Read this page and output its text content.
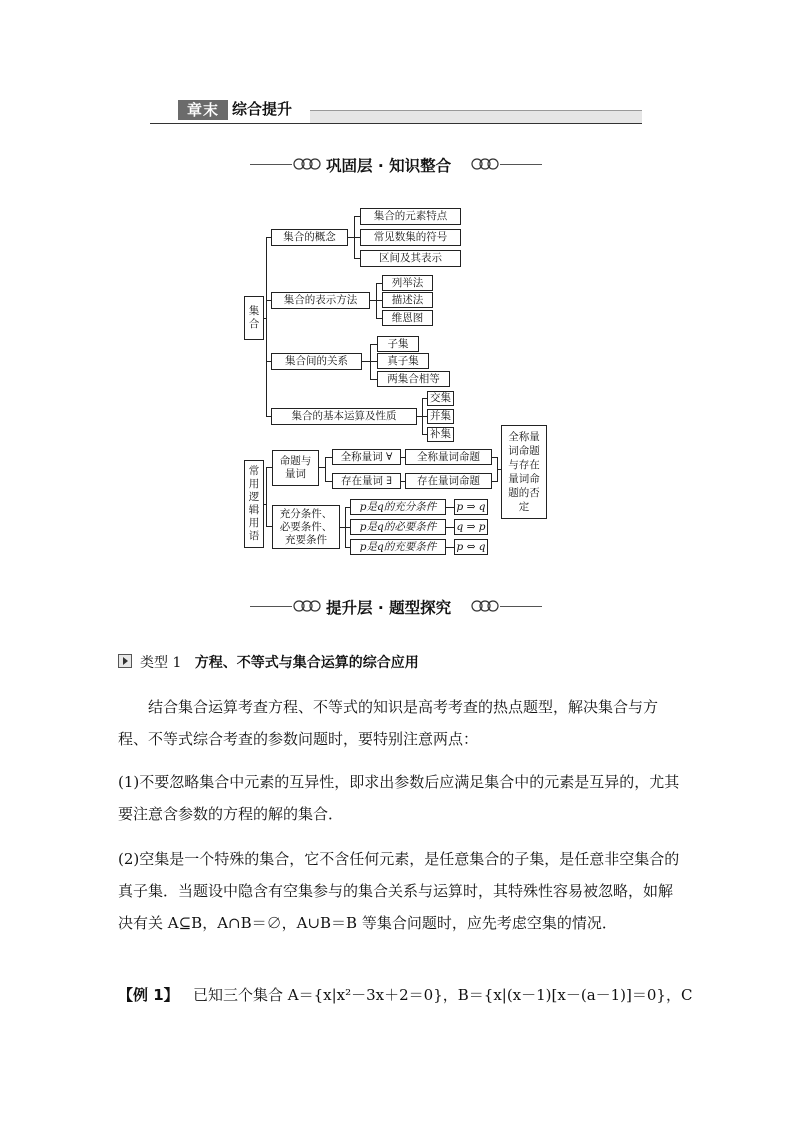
章末 综合提升
巩固层 · 知识整合
集合
常用逻辑用语
集合的概念
集合的表示方法
集合间的关系
集合的基本运算及性质
集合的元素特点
常见数集的符号
区间及其表示
列举法
描述法
维恩图
子集
真子集
两集合相等
交集
并集
补集
命题与量词
全称量词 ∀
存在量词 ∃
全称量词命题
存在量词命题
全称量词命题与存在量词命题的否定
充分条件、必要条件、充要条件
p是q的充分条件
p是q的必要条件
p是q的充要条件
p ⇒ q
q ⇒ p
p ⇔ q
提升层 · 题型探究
类型 1 方程、不等式与集合运算的综合应用

结合集合运算考查方程、不等式的知识是高考考查的热点题型，解决集合与方程、不等式综合考查的参数问题时，要特别注意两点：

(1)不要忽略集合中元素的互异性，即求出参数后应满足集合中的元素是互异的，尤其要注意含参数的方程的解的集合．

(2)空集是一个特殊的集合，它不含任何元素，是任意集合的子集，是任意非空集合的真子集．当题设中隐含有空集参与的集合关系与运算时，其特殊性容易被忽略，如解决有关 A⊆B，A∩B＝∅，A∪B＝B 等集合问题时，应先考虑空集的情况．

【例 1】 已知三个集合 A＝{x|x²－3x＋2＝0}，B＝{x|(x－1)[x－(a－1)]＝0}，C
